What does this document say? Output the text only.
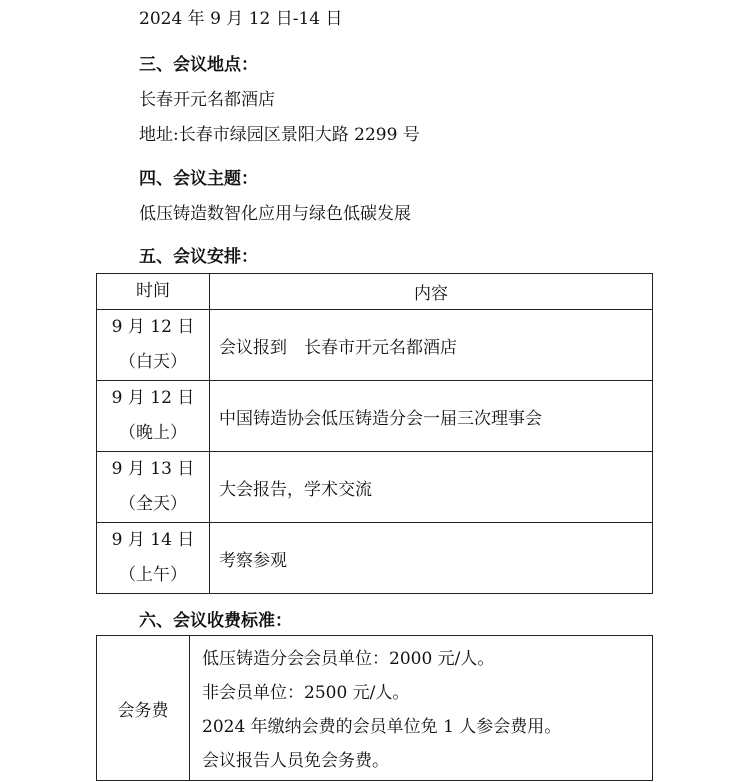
2024 年 9 月 12 日-14 日
三、会议地点：
长春开元名都酒店
地址:长春市绿园区景阳大路 2299 号
四、会议主题：
低压铸造数智化应用与绿色低碳发展
五、会议安排：
时间	内容

9 月 12 日
（白天）	会议报到　长春市开元名都酒店

9 月 12 日
（晚上）	中国铸造协会低压铸造分会一届三次理事会

9 月 13 日
（全天）	大会报告，学术交流

9 月 14 日
（上午）	考察参观
六、会议收费标准：
会务费	
低压铸造分会会员单位：2000 元/人。
非会员单位：2500 元/人。
2024 年缴纳会费的会员单位免 1 人参会费用。
会议报告人员免会务费。
